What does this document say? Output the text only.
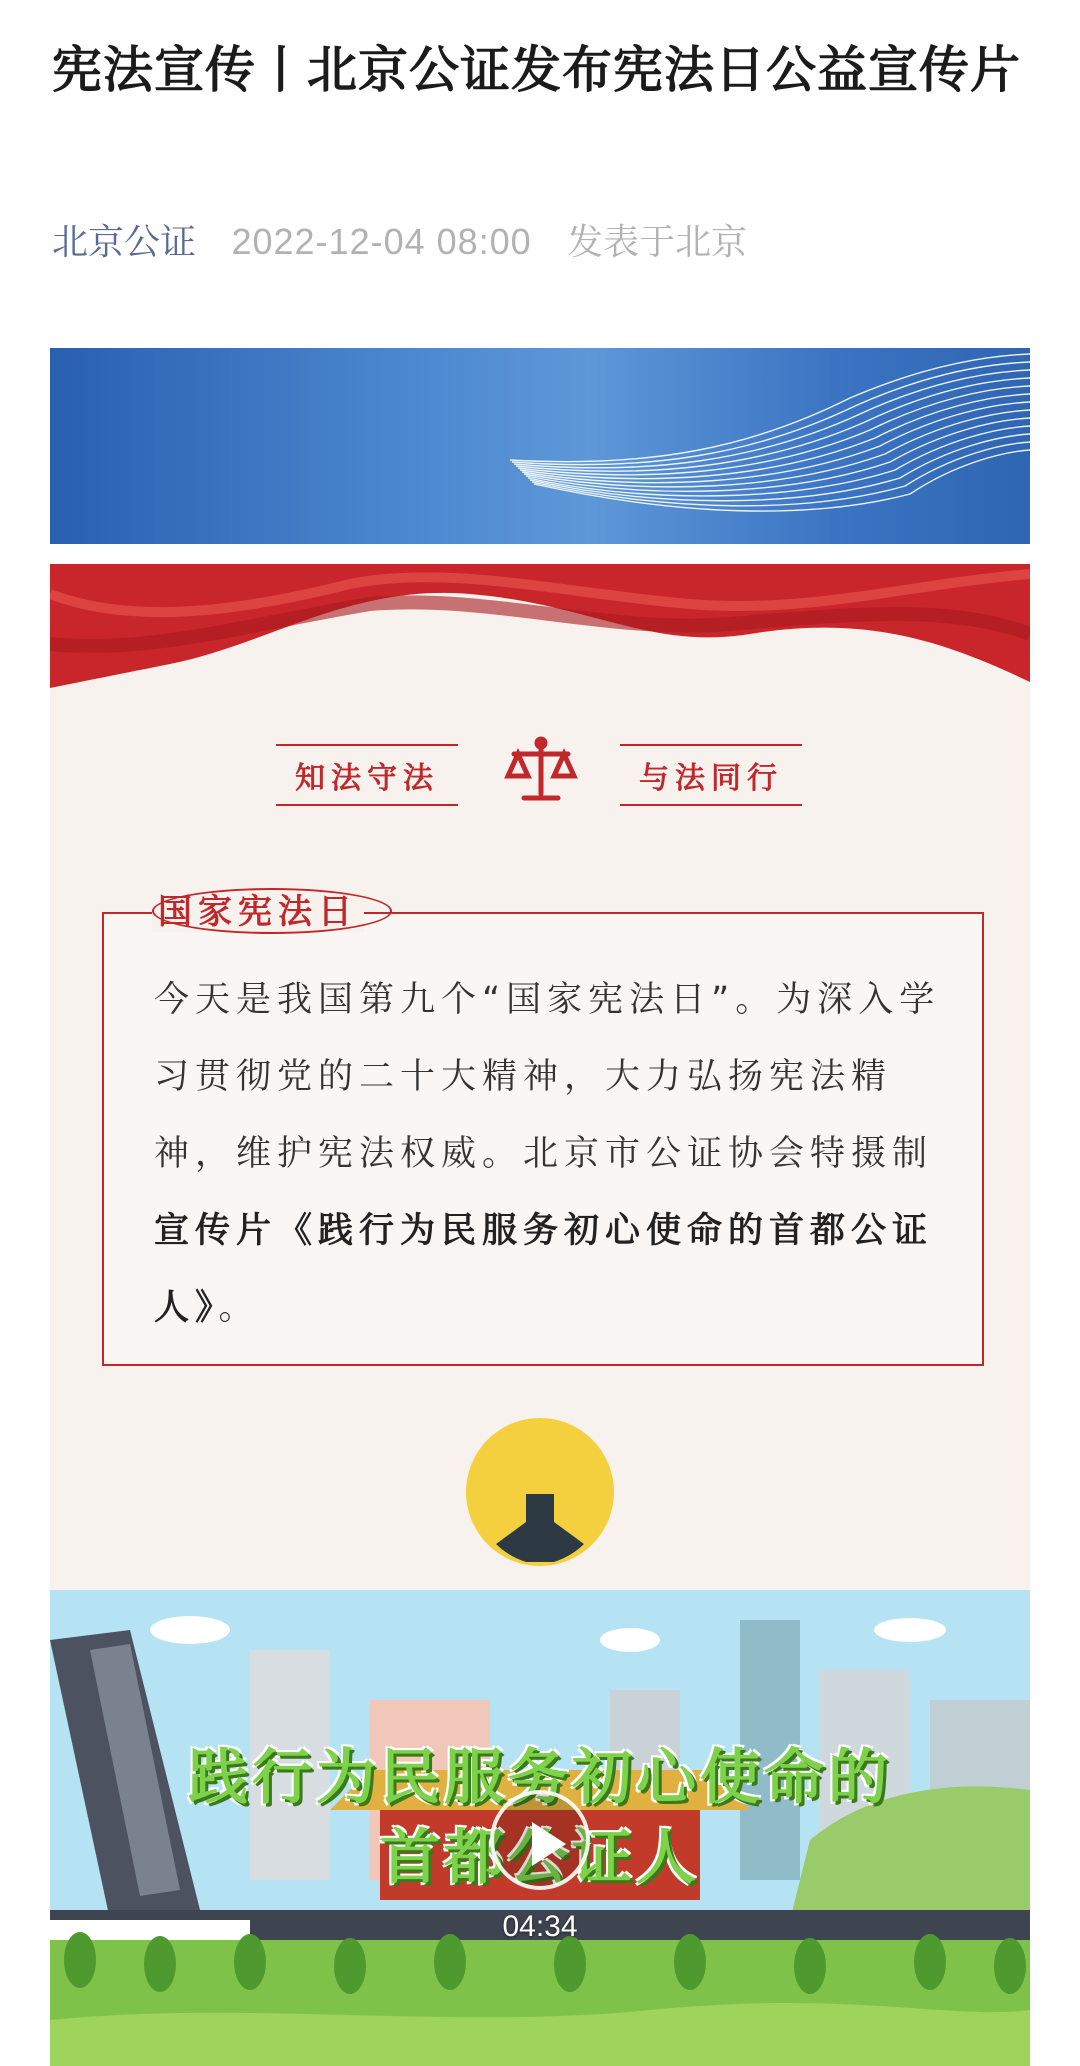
宪法宣传丨北京公证发布宪法日公益宣传片
北京公证 2022-12-04 08:00 发表于北京
知法守法	与法同行
国家宪法日
今天是我国第九个“国家宪法日”。为深入学习贯彻党的二十大精神，大力弘扬宪法精神，维护宪法权威。北京市公证协会特摄制宣传片《践行为民服务初心使命的首都公证人》。
践行为民服务初心使命的
首都公证人
04:34
